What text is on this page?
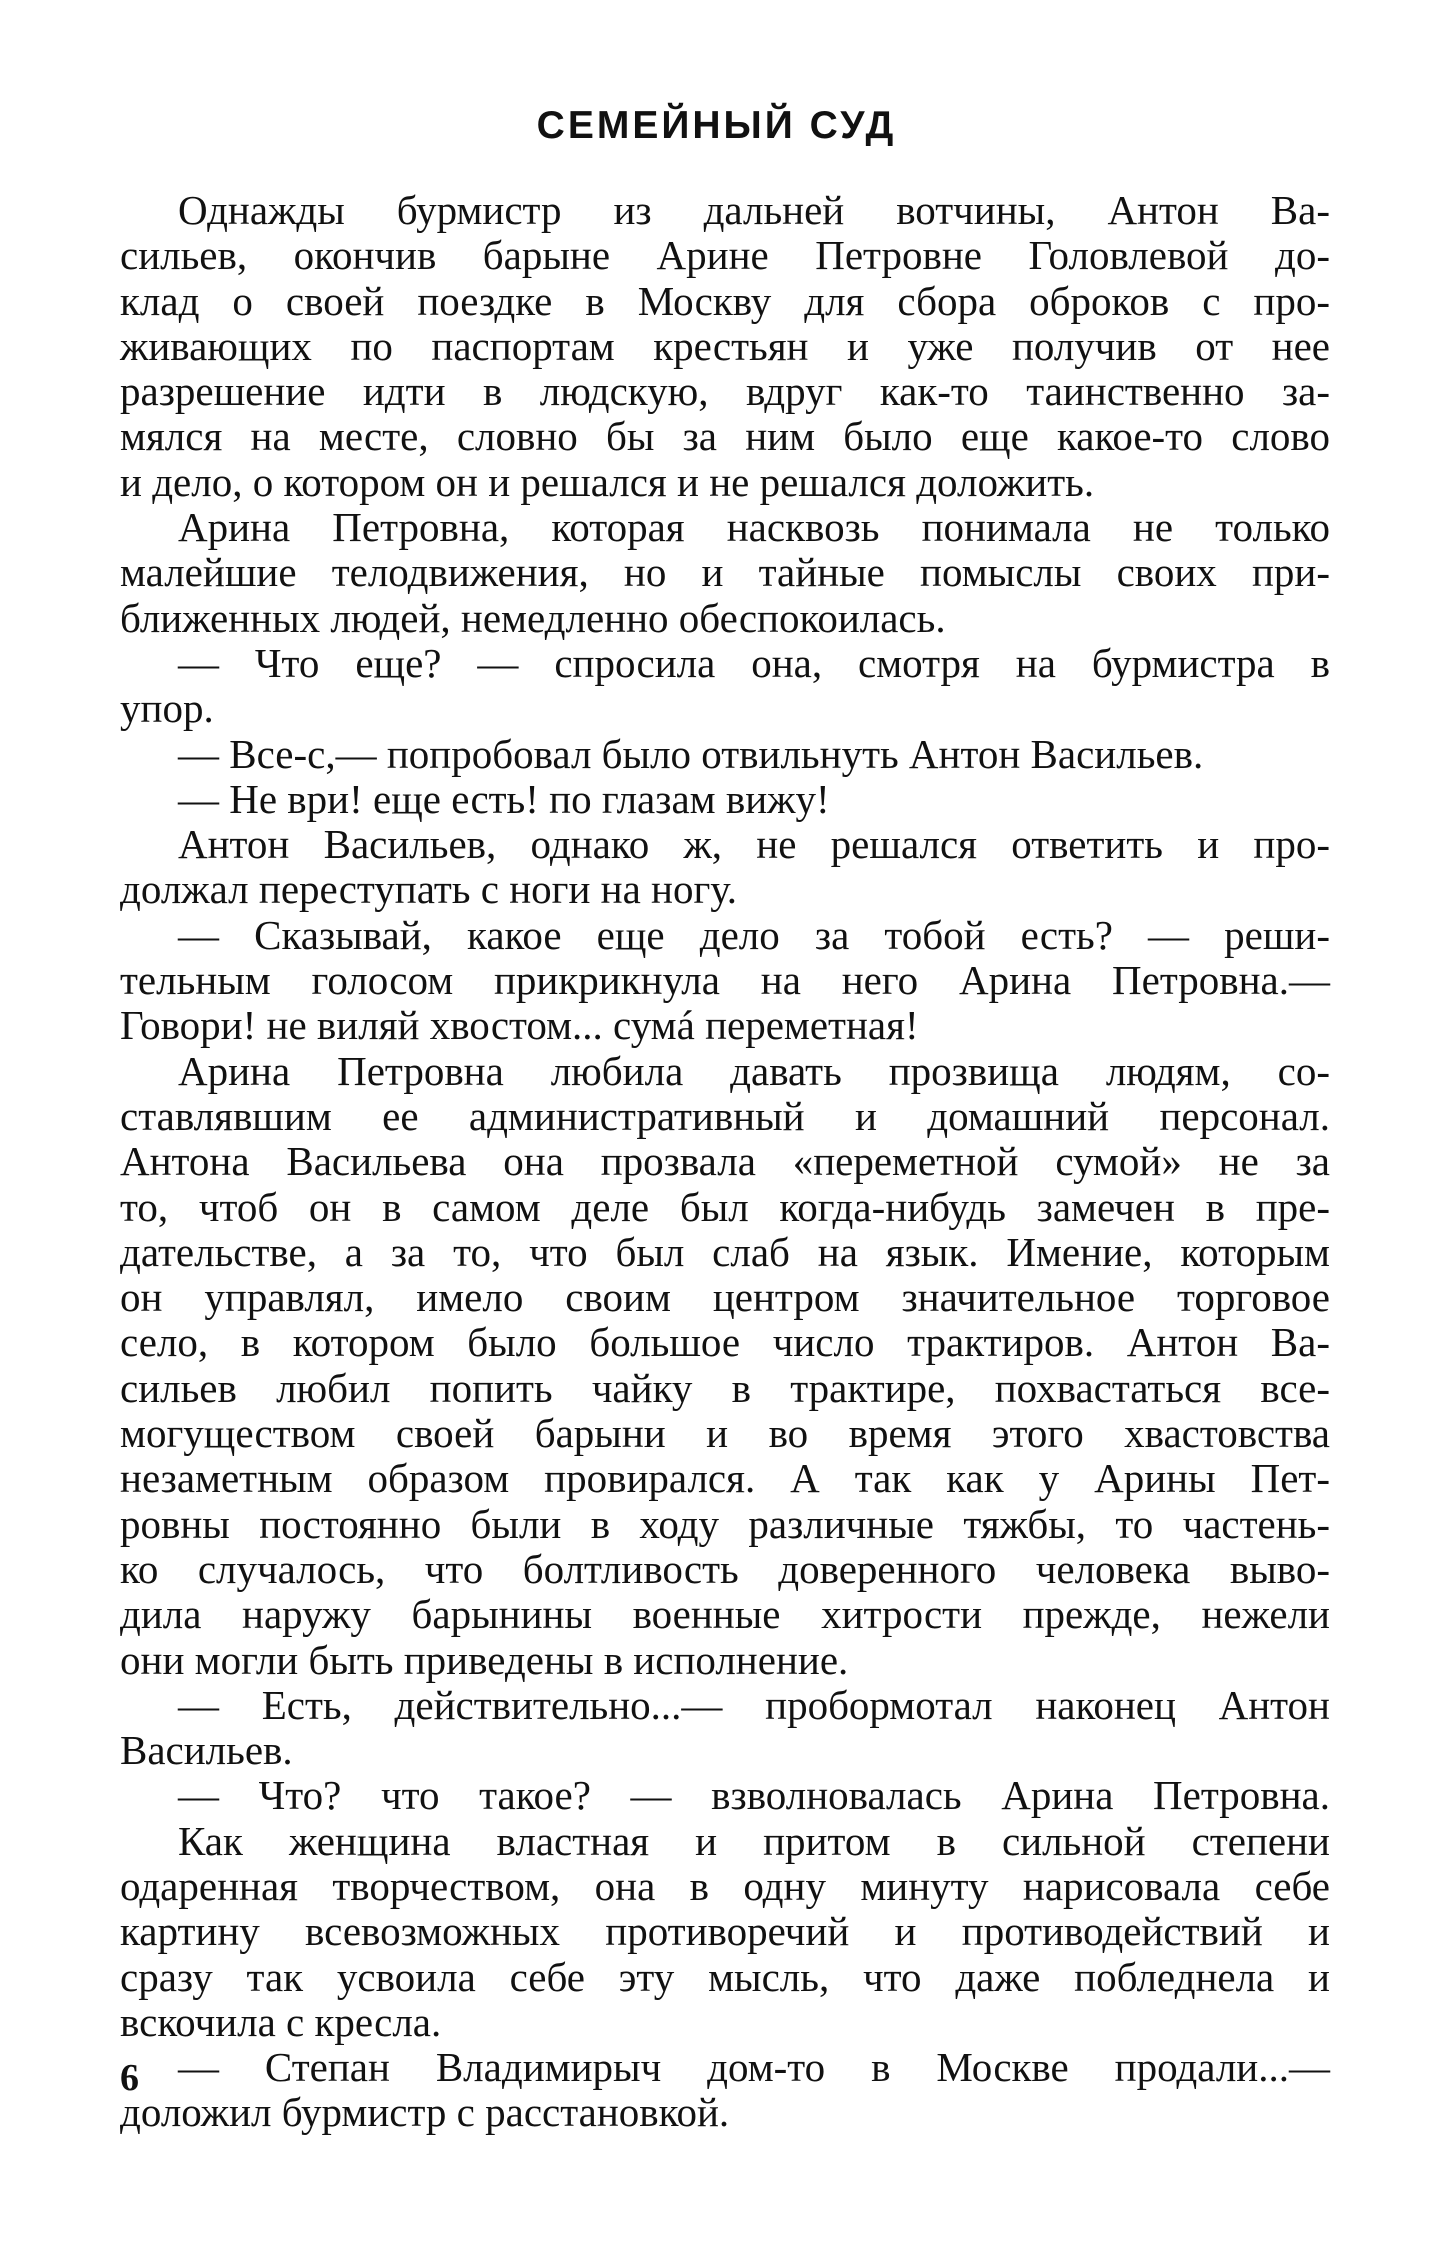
СЕМЕЙНЫЙ СУД
Однажды бурмистр из дальней вотчины, Антон Ва-
сильев, окончив барыне Арине Петровне Головлевой до-
клад о своей поездке в Москву для сбора оброков с про-
живающих по паспортам крестьян и уже получив от нее
разрешение идти в людскую, вдруг как-то таинственно за-
мялся на месте, словно бы за ним было еще какое-то слово
и дело, о котором он и решался и не решался доложить.
Арина Петровна, которая насквозь понимала не только
малейшие телодвижения, но и тайные помыслы своих при-
ближенных людей, немедленно обеспокоилась.
— Что еще? — спросила она, смотря на бурмистра в
упор.
— Все-с,— попробовал было отвильнуть Антон Васильев.
— Не ври! еще есть! по глазам вижу!
Антон Васильев, однако ж, не решался ответить и про-
должал переступать с ноги на ногу.
— Сказывай, какое еще дело за тобой есть? — реши-
тельным голосом прикрикнула на него Арина Петровна.—
Говори! не виляй хвостом... сумá переметная!
Арина Петровна любила давать прозвища людям, со-
ставлявшим ее административный и домашний персонал.
Антона Васильева она прозвала «переметной сумой» не за
то, чтоб он в самом деле был когда-нибудь замечен в пре-
дательстве, а за то, что был слаб на язык. Имение, которым
он управлял, имело своим центром значительное торговое
село, в котором было большое число трактиров. Антон Ва-
сильев любил попить чайку в трактире, похвастаться все-
могуществом своей барыни и во время этого хвастовства
незаметным образом провирался. А так как у Арины Пет-
ровны постоянно были в ходу различные тяжбы, то частень-
ко случалось, что болтливость доверенного человека выво-
дила наружу барынины военные хитрости прежде, нежели
они могли быть приведены в исполнение.
— Есть, действительно...— пробормотал наконец Антон
Васильев.
— Что? что такое? — взволновалась Арина Петровна.
Как женщина властная и притом в сильной степени
одаренная творчеством, она в одну минуту нарисовала себе
картину всевозможных противоречий и противодействий и
сразу так усвоила себе эту мысль, что даже побледнела и
вскочила с кресла.
— Степан Владимирыч дом-то в Москве продали...—
доложил бурмистр с расстановкой.
6
